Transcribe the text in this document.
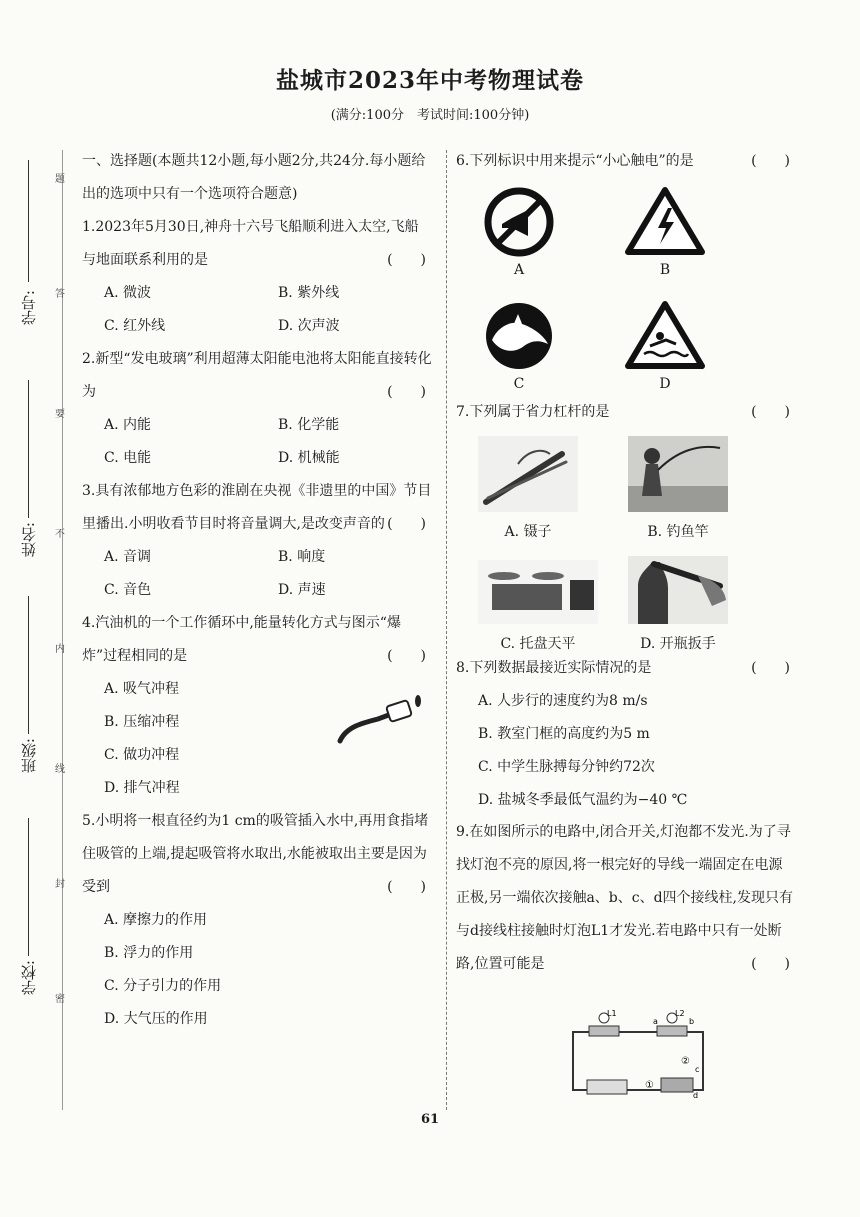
盐城市2023年中考物理试卷
(满分:100分　考试时间:100分钟)
学号:
姓名:
班级:
学校:
题
答
要
不
内
线
封
密
一、选择题(本题共12小题,每小题2分,共24分.每小题给出的选项中只有一个选项符合题意)
1.2023年5月30日,神舟十六号飞船顺利进入太空,飞船与地面联系利用的是	(　　)
A. 微波	B. 紫外线
C. 红外线	D. 次声波
2.新型“发电玻璃”利用超薄太阳能电池将太阳能直接转化为	(　　)
A. 内能	B. 化学能
C. 电能	D. 机械能
3.具有浓郁地方色彩的淮剧在央视《非遗里的中国》节目里播出.小明收看节目时将音量调大,是改变声音的 (　　)
A. 音调	B. 响度
C. 音色	D. 声速
4.汽油机的一个工作循环中,能量转化方式与图示“爆炸”过程相同的是	(　　)
A. 吸气冲程
B. 压缩冲程
C. 做功冲程
D. 排气冲程
5.小明将一根直径约为1 cm的吸管插入水中,再用食指堵住吸管的上端,提起吸管将水取出,水能被取出主要是因为受到	(　　)
A. 摩擦力的作用
B. 浮力的作用
C. 分子引力的作用
D. 大气压的作用
6.下列标识中用来提示“小心触电”的是	(　　)
A	B
C	D
7.下列属于省力杠杆的是	(　　)
A. 镊子	B. 钓鱼竿
C. 托盘天平	D. 开瓶扳手
8.下列数据最接近实际情况的是	(　　)
A. 人步行的速度约为8 m/s
B. 教室门框的高度约为5 m
C. 中学生脉搏每分钟约72次
D. 盐城冬季最低气温约为−40 ℃
9.在如图所示的电路中,闭合开关,灯泡都不发光.为了寻找灯泡不亮的原因,将一根完好的导线一端固定在电源正极,另一端依次接触a、b、c、d四个接线柱,发现只有与d接线柱接触时灯泡L1才发光.若电路中只有一处断路,位置可能是	(　　)
L1	L2
a	b
c
d
①
②
61
